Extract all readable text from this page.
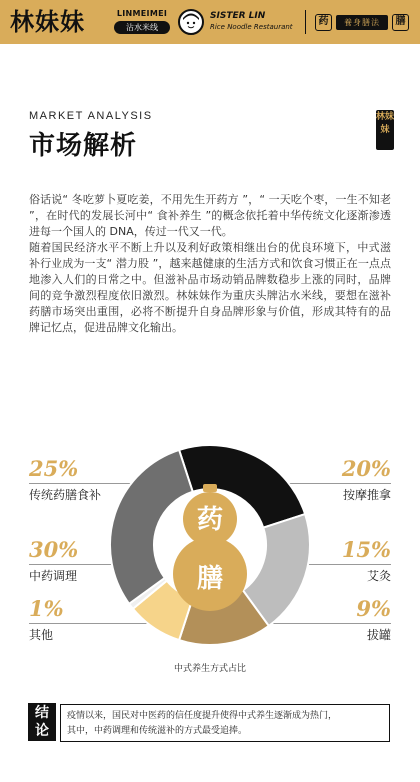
林妹妹	LINMEIMEI
沾水米线
SISTER LIN
Rice Noodle Restaurant	药	養身膳法	膳
MARKET ANALYSIS
市场解析
林妹妹

俗话说“ 冬吃萝卜夏吃姜，不用先生开药方 ”，“ 一天吃个枣，一生不知老 ”，在时代的发展长河中“ 食补养生 ”的概念依托着中华传统文化逐渐渗透进每一个国人的 DNA，传过一代又一代。

随着国民经济水平不断上升以及利好政策相继出台的优良环境下，中式滋补行业成为一支“ 潜力股 ”，越来越健康的生活方式和饮食习惯正在一点点地渗入人们的日常之中。但滋补品市场动销品牌数稳步上涨的同时，品牌间的竞争激烈程度依旧激烈。林妹妹作为重庆头牌沾水米线，要想在滋补药膳市场突出重围，必将不断提升自身品牌形象与价值，形成其特有的品牌记忆点，促进品牌文化输出。

25%
传统药膳食补
30%
中药调理
1%
其他
20%
按摩推拿
15%
艾灸
9%
拔罐
药
膳
中式养生方式占比
结
论
疫情以来，国民对中医药的信任度提升使得中式养生逐渐成为热门，
其中，中药调理和传统滋补的方式最受追捧。
